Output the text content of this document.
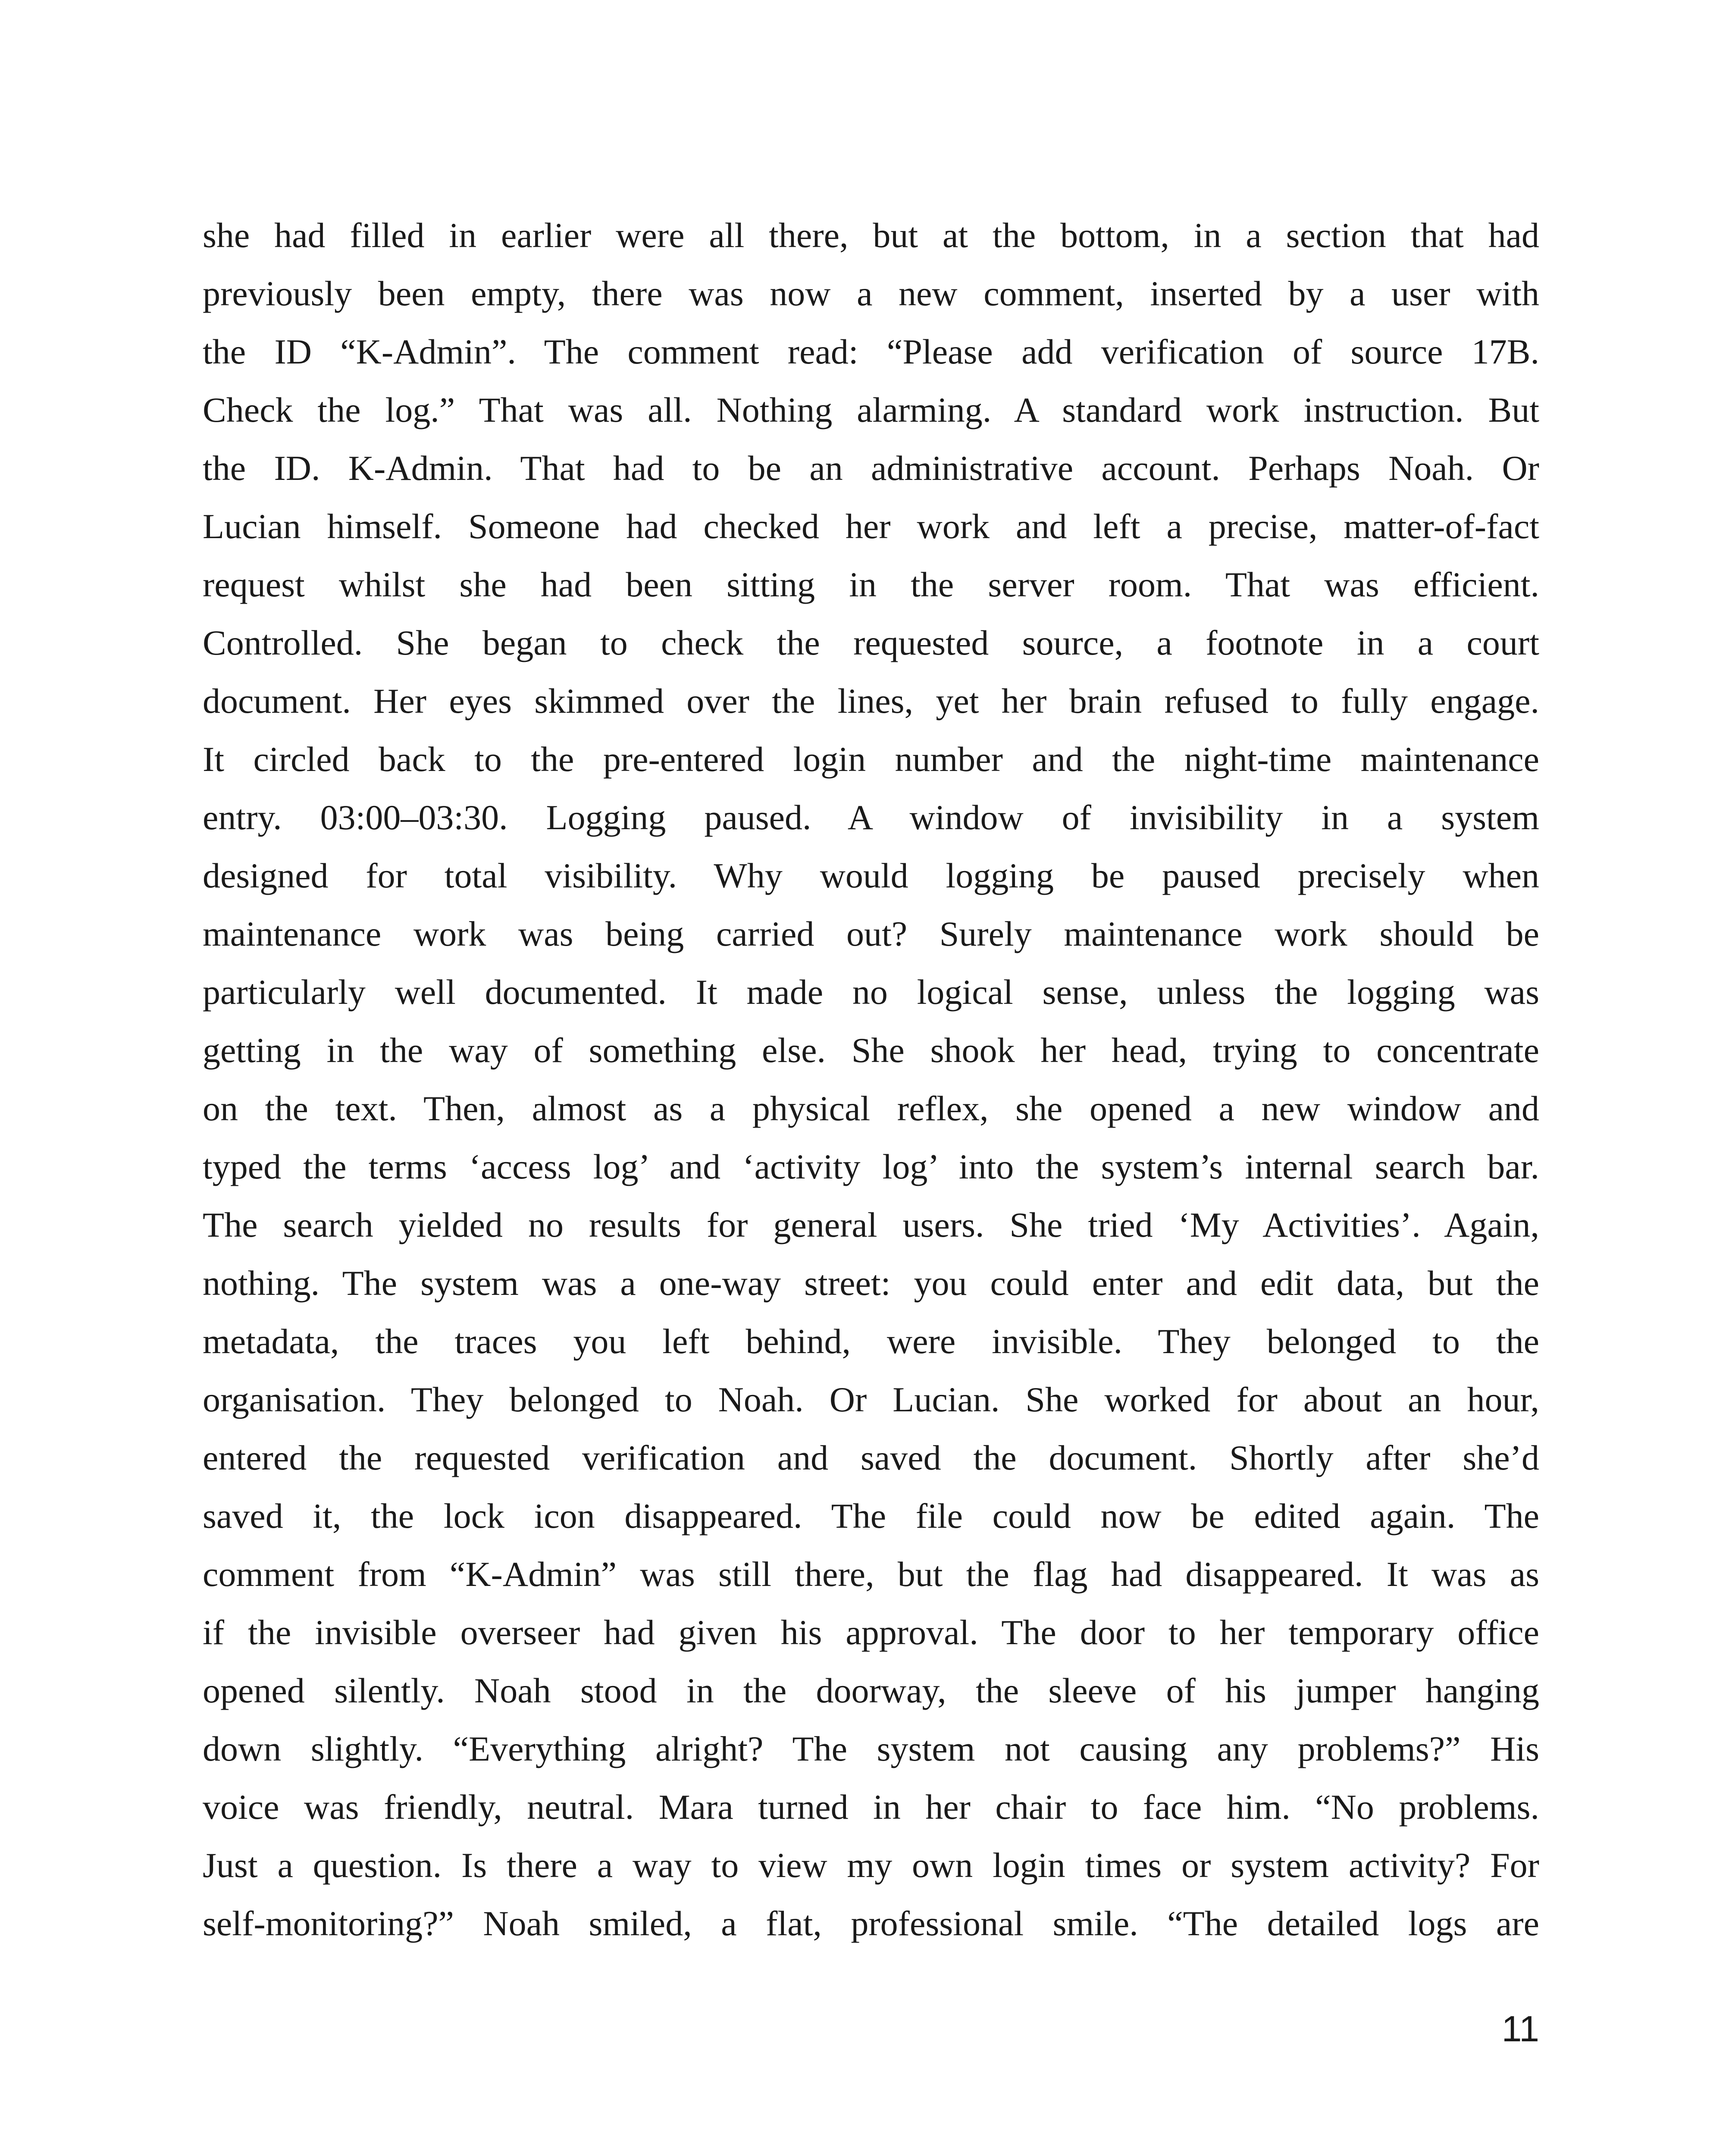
she had filled in earlier were all there, but at the bottom, in a section that had
previously been empty, there was now a new comment, inserted by a user with
the ID “K-Admin”. The comment read: “Please add verification of source 17B.
Check the log.” That was all. Nothing alarming. A standard work instruction. But
the ID. K-Admin. That had to be an administrative account. Perhaps Noah. Or
Lucian himself. Someone had checked her work and left a precise, matter-of-fact
request whilst she had been sitting in the server room. That was efficient.
Controlled. She began to check the requested source, a footnote in a court
document. Her eyes skimmed over the lines, yet her brain refused to fully engage.
It circled back to the pre-entered login number and the night-time maintenance
entry. 03:00–03:30. Logging paused. A window of invisibility in a system
designed for total visibility. Why would logging be paused precisely when
maintenance work was being carried out? Surely maintenance work should be
particularly well documented. It made no logical sense, unless the logging was
getting in the way of something else. She shook her head, trying to concentrate
on the text. Then, almost as a physical reflex, she opened a new window and
typed the terms ‘access log’ and ‘activity log’ into the system’s internal search bar.
The search yielded no results for general users. She tried ‘My Activities’. Again,
nothing. The system was a one-way street: you could enter and edit data, but the
metadata, the traces you left behind, were invisible. They belonged to the
organisation. They belonged to Noah. Or Lucian. She worked for about an hour,
entered the requested verification and saved the document. Shortly after she’d
saved it, the lock icon disappeared. The file could now be edited again. The
comment from “K-Admin” was still there, but the flag had disappeared. It was as
if the invisible overseer had given his approval. The door to her temporary office
opened silently. Noah stood in the doorway, the sleeve of his jumper hanging
down slightly. “Everything alright? The system not causing any problems?” His
voice was friendly, neutral. Mara turned in her chair to face him. “No problems.
Just a question. Is there a way to view my own login times or system activity? For
self-monitoring?” Noah smiled, a flat, professional smile. “The detailed logs are
11
